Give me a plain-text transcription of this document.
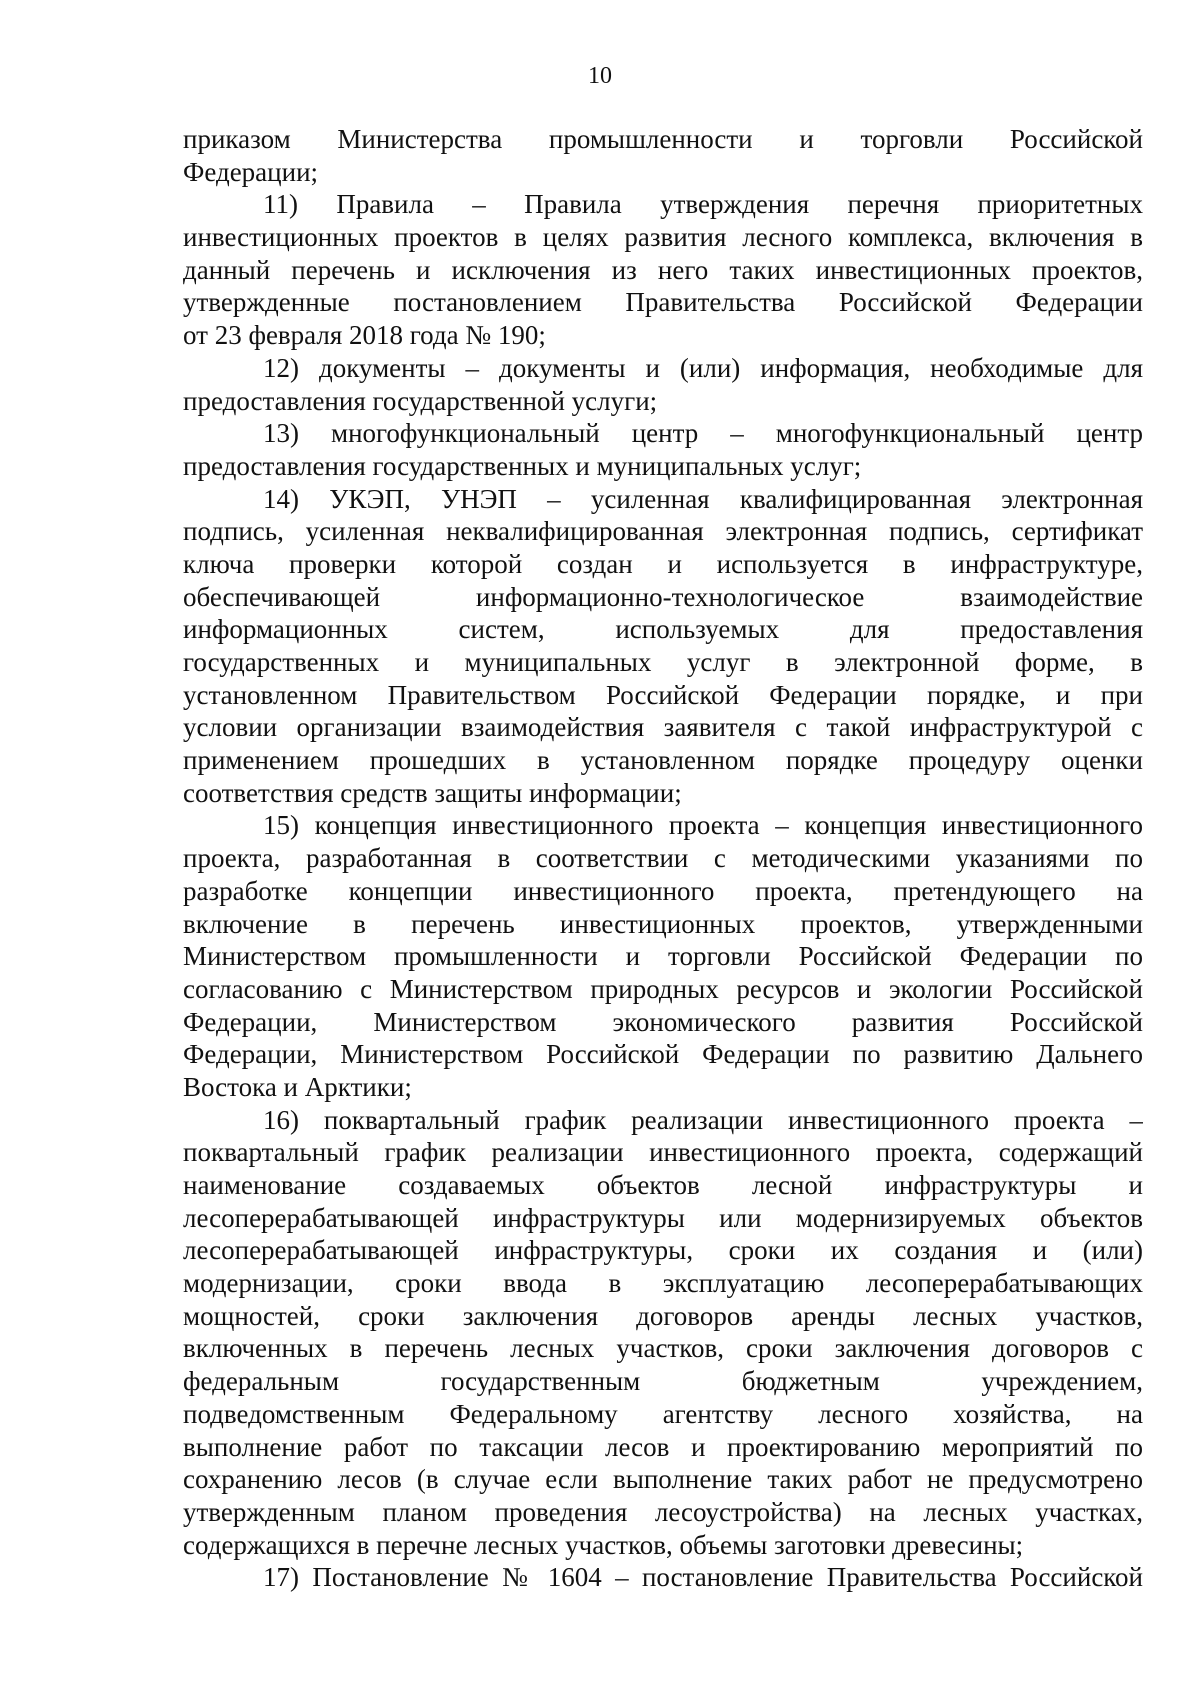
10
приказом Министерства промышленности и торговли Российской
Федерации;
11) Правила – Правила утверждения перечня приоритетных
инвестиционных проектов в целях развития лесного комплекса, включения в
данный перечень и исключения из него таких инвестиционных проектов,
утвержденные постановлением Правительства Российской Федерации
от 23 февраля 2018 года № 190;
12) документы – документы и (или) информация, необходимые для
предоставления государственной услуги;
13) многофункциональный центр – многофункциональный центр
предоставления государственных и муниципальных услуг;
14) УКЭП, УНЭП – усиленная квалифицированная электронная
подпись, усиленная неквалифицированная электронная подпись, сертификат
ключа проверки которой создан и используется в инфраструктуре,
обеспечивающей информационно-технологическое взаимодействие
информационных систем, используемых для предоставления
государственных и муниципальных услуг в электронной форме, в
установленном Правительством Российской Федерации порядке, и при
условии организации взаимодействия заявителя с такой инфраструктурой с
применением прошедших в установленном порядке процедуру оценки
соответствия средств защиты информации;
15) концепция инвестиционного проекта – концепция инвестиционного
проекта, разработанная в соответствии с методическими указаниями по
разработке концепции инвестиционного проекта, претендующего на
включение в перечень инвестиционных проектов, утвержденными
Министерством промышленности и торговли Российской Федерации по
согласованию с Министерством природных ресурсов и экологии Российской
Федерации, Министерством экономического развития Российской
Федерации, Министерством Российской Федерации по развитию Дальнего
Востока и Арктики;
16) поквартальный график реализации инвестиционного проекта –
поквартальный график реализации инвестиционного проекта, содержащий
наименование создаваемых объектов лесной инфраструктуры и
лесоперерабатывающей инфраструктуры или модернизируемых объектов
лесоперерабатывающей инфраструктуры, сроки их создания и (или)
модернизации, сроки ввода в эксплуатацию лесоперерабатывающих
мощностей, сроки заключения договоров аренды лесных участков,
включенных в перечень лесных участков, сроки заключения договоров с
федеральным государственным бюджетным учреждением,
подведомственным Федеральному агентству лесного хозяйства, на
выполнение работ по таксации лесов и проектированию мероприятий по
сохранению лесов (в случае если выполнение таких работ не предусмотрено
утвержденным планом проведения лесоустройства) на лесных участках,
содержащихся в перечне лесных участков, объемы заготовки древесины;
17) Постановление № 1604 – постановление Правительства Российской
